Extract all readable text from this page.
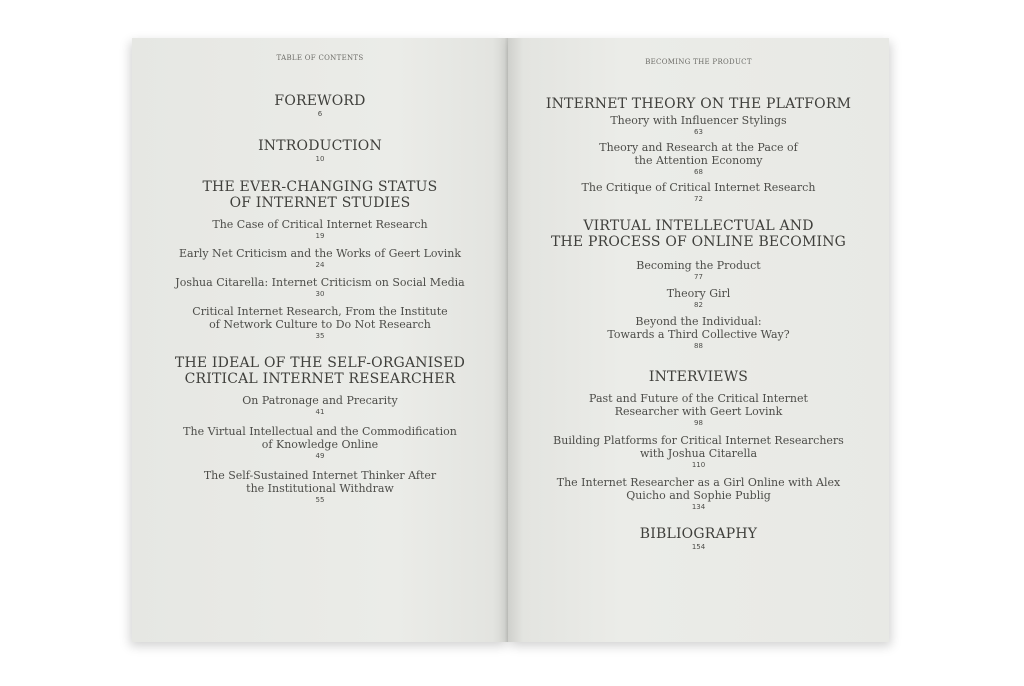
TABLE OF CONTENTS
FOREWORD
6
INTRODUCTION
10
THE EVER-CHANGING STATUS
OF INTERNET STUDIES
The Case of Critical Internet Research
19
Early Net Criticism and the Works of Geert Lovink
24
Joshua Citarella: Internet Criticism on Social Media
30
Critical Internet Research, From the Institute
of Network Culture to Do Not Research
35
THE IDEAL OF THE SELF-ORGANISED
CRITICAL INTERNET RESEARCHER
On Patronage and Precarity
41
The Virtual Intellectual and the Commodification
of Knowledge Online
49
The Self-Sustained Internet Thinker After
the Institutional Withdraw
55
BECOMING THE PRODUCT
INTERNET THEORY ON THE PLATFORM
Theory with Influencer Stylings
63
Theory and Research at the Pace of
the Attention Economy
68
The Critique of Critical Internet Research
72
VIRTUAL INTELLECTUAL AND
THE PROCESS OF ONLINE BECOMING
Becoming the Product
77
Theory Girl
82
Beyond the Individual:
Towards a Third Collective Way?
88
INTERVIEWS
Past and Future of the Critical Internet
Researcher with Geert Lovink
98
Building Platforms for Critical Internet Researchers
with Joshua Citarella
110
The Internet Researcher as a Girl Online with Alex
Quicho and Sophie Publig
134
BIBLIOGRAPHY
154
